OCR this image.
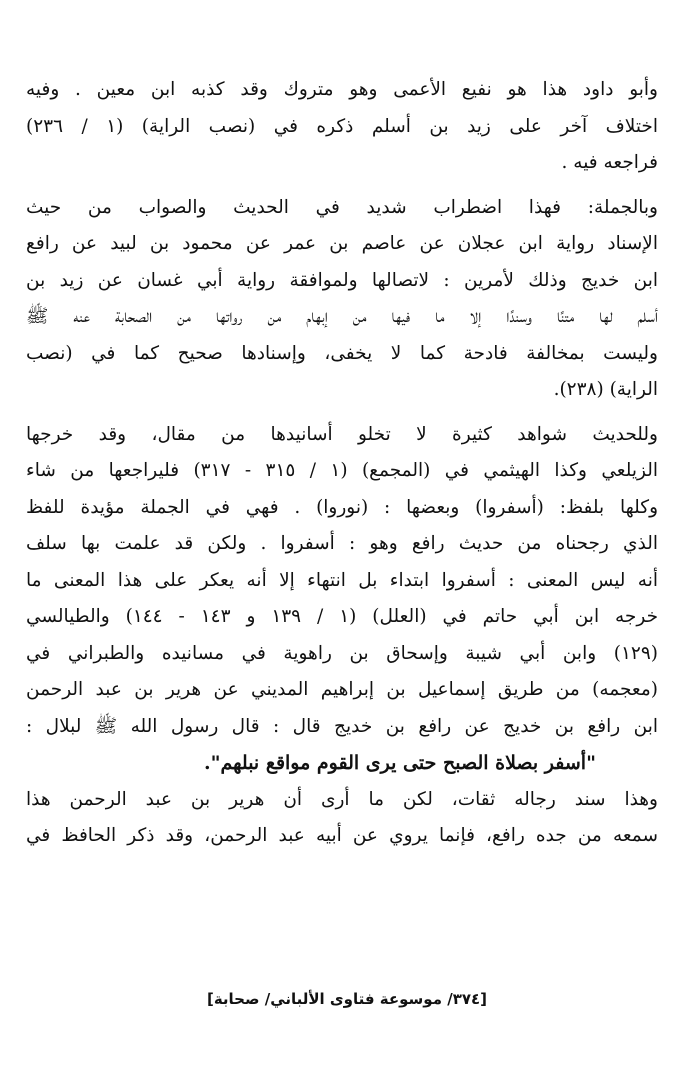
وأبو داود هذا هو نفيع الأعمى وهو متروك وقد كذبه ابن معين . وفيه
اختلاف آخر على زيد بن أسلم ذكره في (نصب الراية) (١ / ٢٣٦)
فراجعه فيه .
وبالجملة: فهذا اضطراب شديد في الحديث والصواب من حيث
الإسناد رواية ابن عجلان عن عاصم بن عمر عن محمود بن لبيد عن رافع
ابن خديج وذلك لأمرين : لاتصالها ولموافقة رواية أبي غسان عن زيد بن
أسلم لها متنًا وسندًا إلا ما فيها من إبهام من رواتها من الصحابة عنه ﷺ
وليست بمخالفة فادحة كما لا يخفى، وإسنادها صحيح كما في (نصب
الراية) (٢٣٨).
وللحديث شواهد كثيرة لا تخلو أسانيدها من مقال، وقد خرجها
الزيلعي وكذا الهيثمي في (المجمع) (١ / ٣١٥ - ٣١٧) فليراجعها من شاء
وكلها بلفظ: (أسفروا) وبعضها : (نوروا) . فهي في الجملة مؤيدة للفظ
الذي رجحناه من حديث رافع وهو : أسفروا . ولكن قد علمت بها سلف
أنه ليس المعنى : أسفروا ابتداء بل انتهاء إلا أنه يعكر على هذا المعنى ما
خرجه ابن أبي حاتم في (العلل) (١ / ١٣٩ و ١٤٣ - ١٤٤) والطيالسي
(١٢٩) وابن أبي شيبة وإسحاق بن راهوية في مسانيده والطبراني في
(معجمه) من طريق إسماعيل بن إبراهيم المديني عن هرير بن عبد الرحمن
ابن رافع بن خديج عن رافع بن خديج قال : قال رسول الله ﷺ لبلال :
"أسفر بصلاة الصبح حتى يرى القوم مواقع نبلهم".
وهذا سند رجاله ثقات، لكن ما أرى أن هرير بن عبد الرحمن هذا
سمعه من جده رافع، فإنما يروي عن أبيه عبد الرحمن، وقد ذكر الحافظ في
[٣٧٤/ موسوعة فتاوى الألباني/ صحابة]
